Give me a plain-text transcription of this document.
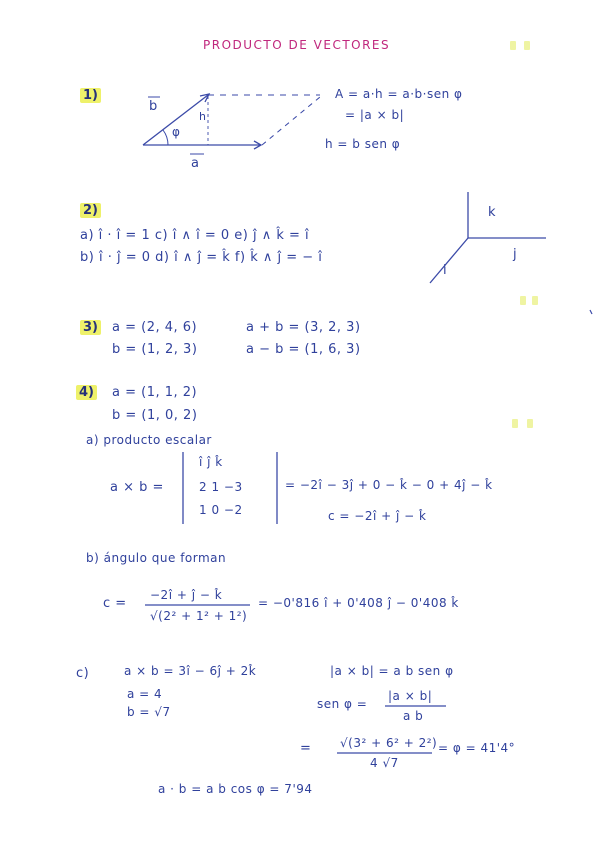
PRODUCTO DE VECTORES
1)
b
h
φ
a
A = a·h = a·b·sen φ
= |a × b|
h = b sen φ
2)
a) î · î = 1 c) î ∧ î = 0 e) ĵ ∧ k̂ = î
b) î · ĵ = 0 d) î ∧ ĵ = k̂ f) k̂ ∧ ĵ = − î
k
j
i
3) a = (2, 4, 6)	a + b = (3, 2, 3)
b = (1, 2, 3)	a − b = (1, 6, 3)
4) a = (1, 1, 2)
b = (1, 0, 2)
a) producto escalar
a × b =
î ĵ k̂
2 1 −3
1 0 −2
= −2î − 3ĵ + 0 − k̂ − 0 + 4ĵ − k̂
c = −2î + ĵ − k̂
b) ángulo que forman
c =
−2î + ĵ − k̂
√(2² + 1² + 1²)
= −0'816 î + 0'408 ĵ − 0'408 k̂
c)	a × b = 3î − 6ĵ + 2k̂
a = 4
b = √7
|a × b| = a b sen φ
sen φ =
|a × b|
a b
= √(3² + 6² + 2²)
4 √7
= φ = 41'4°
a · b = a b cos φ = 7'94
